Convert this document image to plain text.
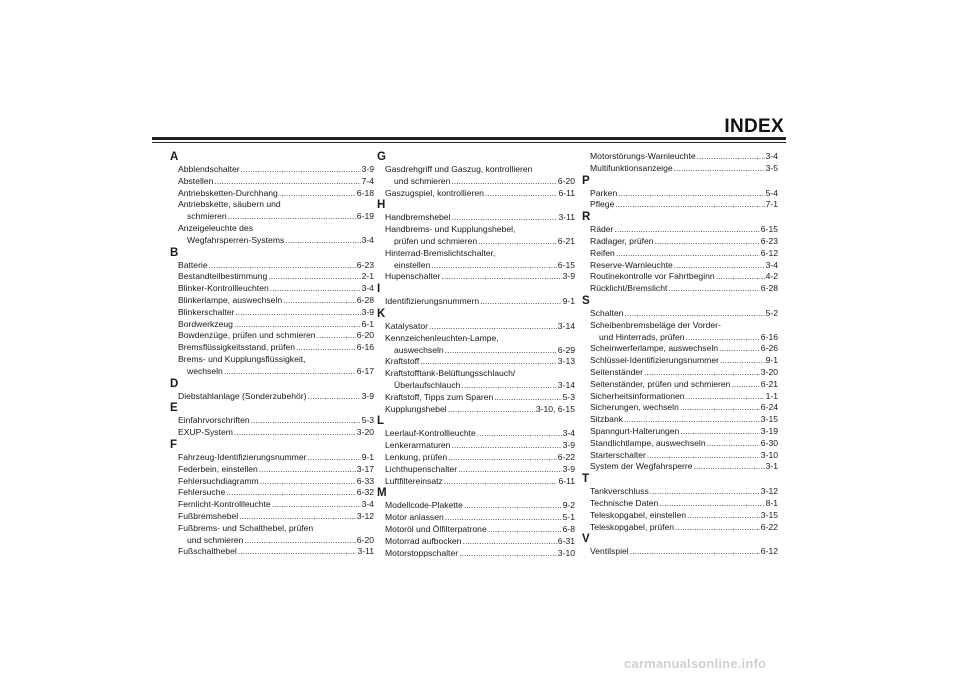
INDEX
A
Abblendschalter .....	3-9
Abstellen .....	7-4
Antriebsketten-Durchhang .....	6-18
Antriebskette, säubern und
schmieren .....	6-19
Anzeigeleuchte des
Wegfahrsperren-Systems .....	3-4
B
Batterie .....	6-23
Bestandteilbestimmung .....	2-1
Blinker-Kontrollleuchten .....	3-4
Blinkerlampe, auswechseln .....	6-28
Blinkerschalter .....	3-9
Bordwerkzeug .....	6-1
Bowdenzüge, prüfen und schmieren .....	6-20
Bremsflüssigkeitsstand, prüfen .....	6-16
Brems- und Kupplungsflüssigkeit,
wechseln .....	6-17
D
Diebstahlanlage (Sonderzubehör) .....	3-9
E
Einfahrvorschriften .....	5-3
EXUP-System .....	3-20
F
Fahrzeug-Identifizierungsnummer .....	9-1
Federbein, einstellen .....	3-17
Fehlersuchdiagramm .....	6-33
Fehlersuche .....	6-32
Fernlicht-Kontrollleuchte .....	3-4
Fußbremshebel .....	3-12
Fußbrems- und Schalthebel, prüfen
und schmieren .....	6-20
Fußschalthebel .....	3-11
G
Gasdrehgriff und Gaszug, kontrollieren
und schmieren .....	6-20
Gaszugspiel, kontrollieren .....	6-11
H
Handbremshebel .....	3-11
Handbrems- und Kupplungshebel,
prüfen und schmieren .....	6-21
Hinterrad-Bremslichtschalter,
einstellen .....	6-15
Hupenschalter .....	3-9
I
Identifizierungsnummern .....	9-1
K
Katalysator .....	3-14
Kennzeichenleuchten-Lampe,
auswechseln .....	6-29
Kraftstoff .....	3-13
Kraftstofftank-Belüftungsschlauch/
Überlaufschlauch .....	3-14
Kraftstoff, Tipps zum Sparen .....	5-3
Kupplungshebel .....	3-10, 6-15
L
Leerlauf-Kontrollleuchte .....	3-4
Lenkerarmaturen .....	3-9
Lenkung, prüfen .....	6-22
Lichthupenschalter .....	3-9
Luftfiltereinsatz .....	6-11
M
Modellcode-Plakette .....	9-2
Motor anlassen .....	5-1
Motoröl und Ölfilterpatrone .....	6-8
Motorrad aufbocken .....	6-31
Motorstoppschalter .....	3-10
Motorstörungs-Warnleuchte .....	3-4
Multifunktionsanzeige .....	3-5
P
Parken .....	5-4
Pflege .....	7-1
R
Räder .....	6-15
Radlager, prüfen .....	6-23
Reifen .....	6-12
Reserve-Warnleuchte .....	3-4
Routinekontrolle vor Fahrtbeginn .....	4-2
Rücklicht/Bremslicht .....	6-28
S
Schalten .....	5-2
Scheibenbremsbeläge der Vorder-
und Hinterrads, prüfen .....	6-16
Scheinwerferlampe, auswechseln .....	6-26
Schlüssel-Identifizierungsnummer .....	9-1
Seitenständer .....	3-20
Seitenständer, prüfen und schmieren .....	6-21
Sicherheitsinformationen .....	1-1
Sicherungen, wechseln .....	6-24
Sitzbank .....	3-15
Spanngurt-Halterungen .....	3-19
Standlichtlampe, auswechseln .....	6-30
Starterschalter .....	3-10
System der Wegfahrsperre .....	3-1
T
Tankverschluss .....	3-12
Technische Daten .....	8-1
Teleskopgabel, einstellen .....	3-15
Teleskopgabel, prüfen .....	6-22
V
Ventilspiel .....	6-12
carmanualsonline.info
